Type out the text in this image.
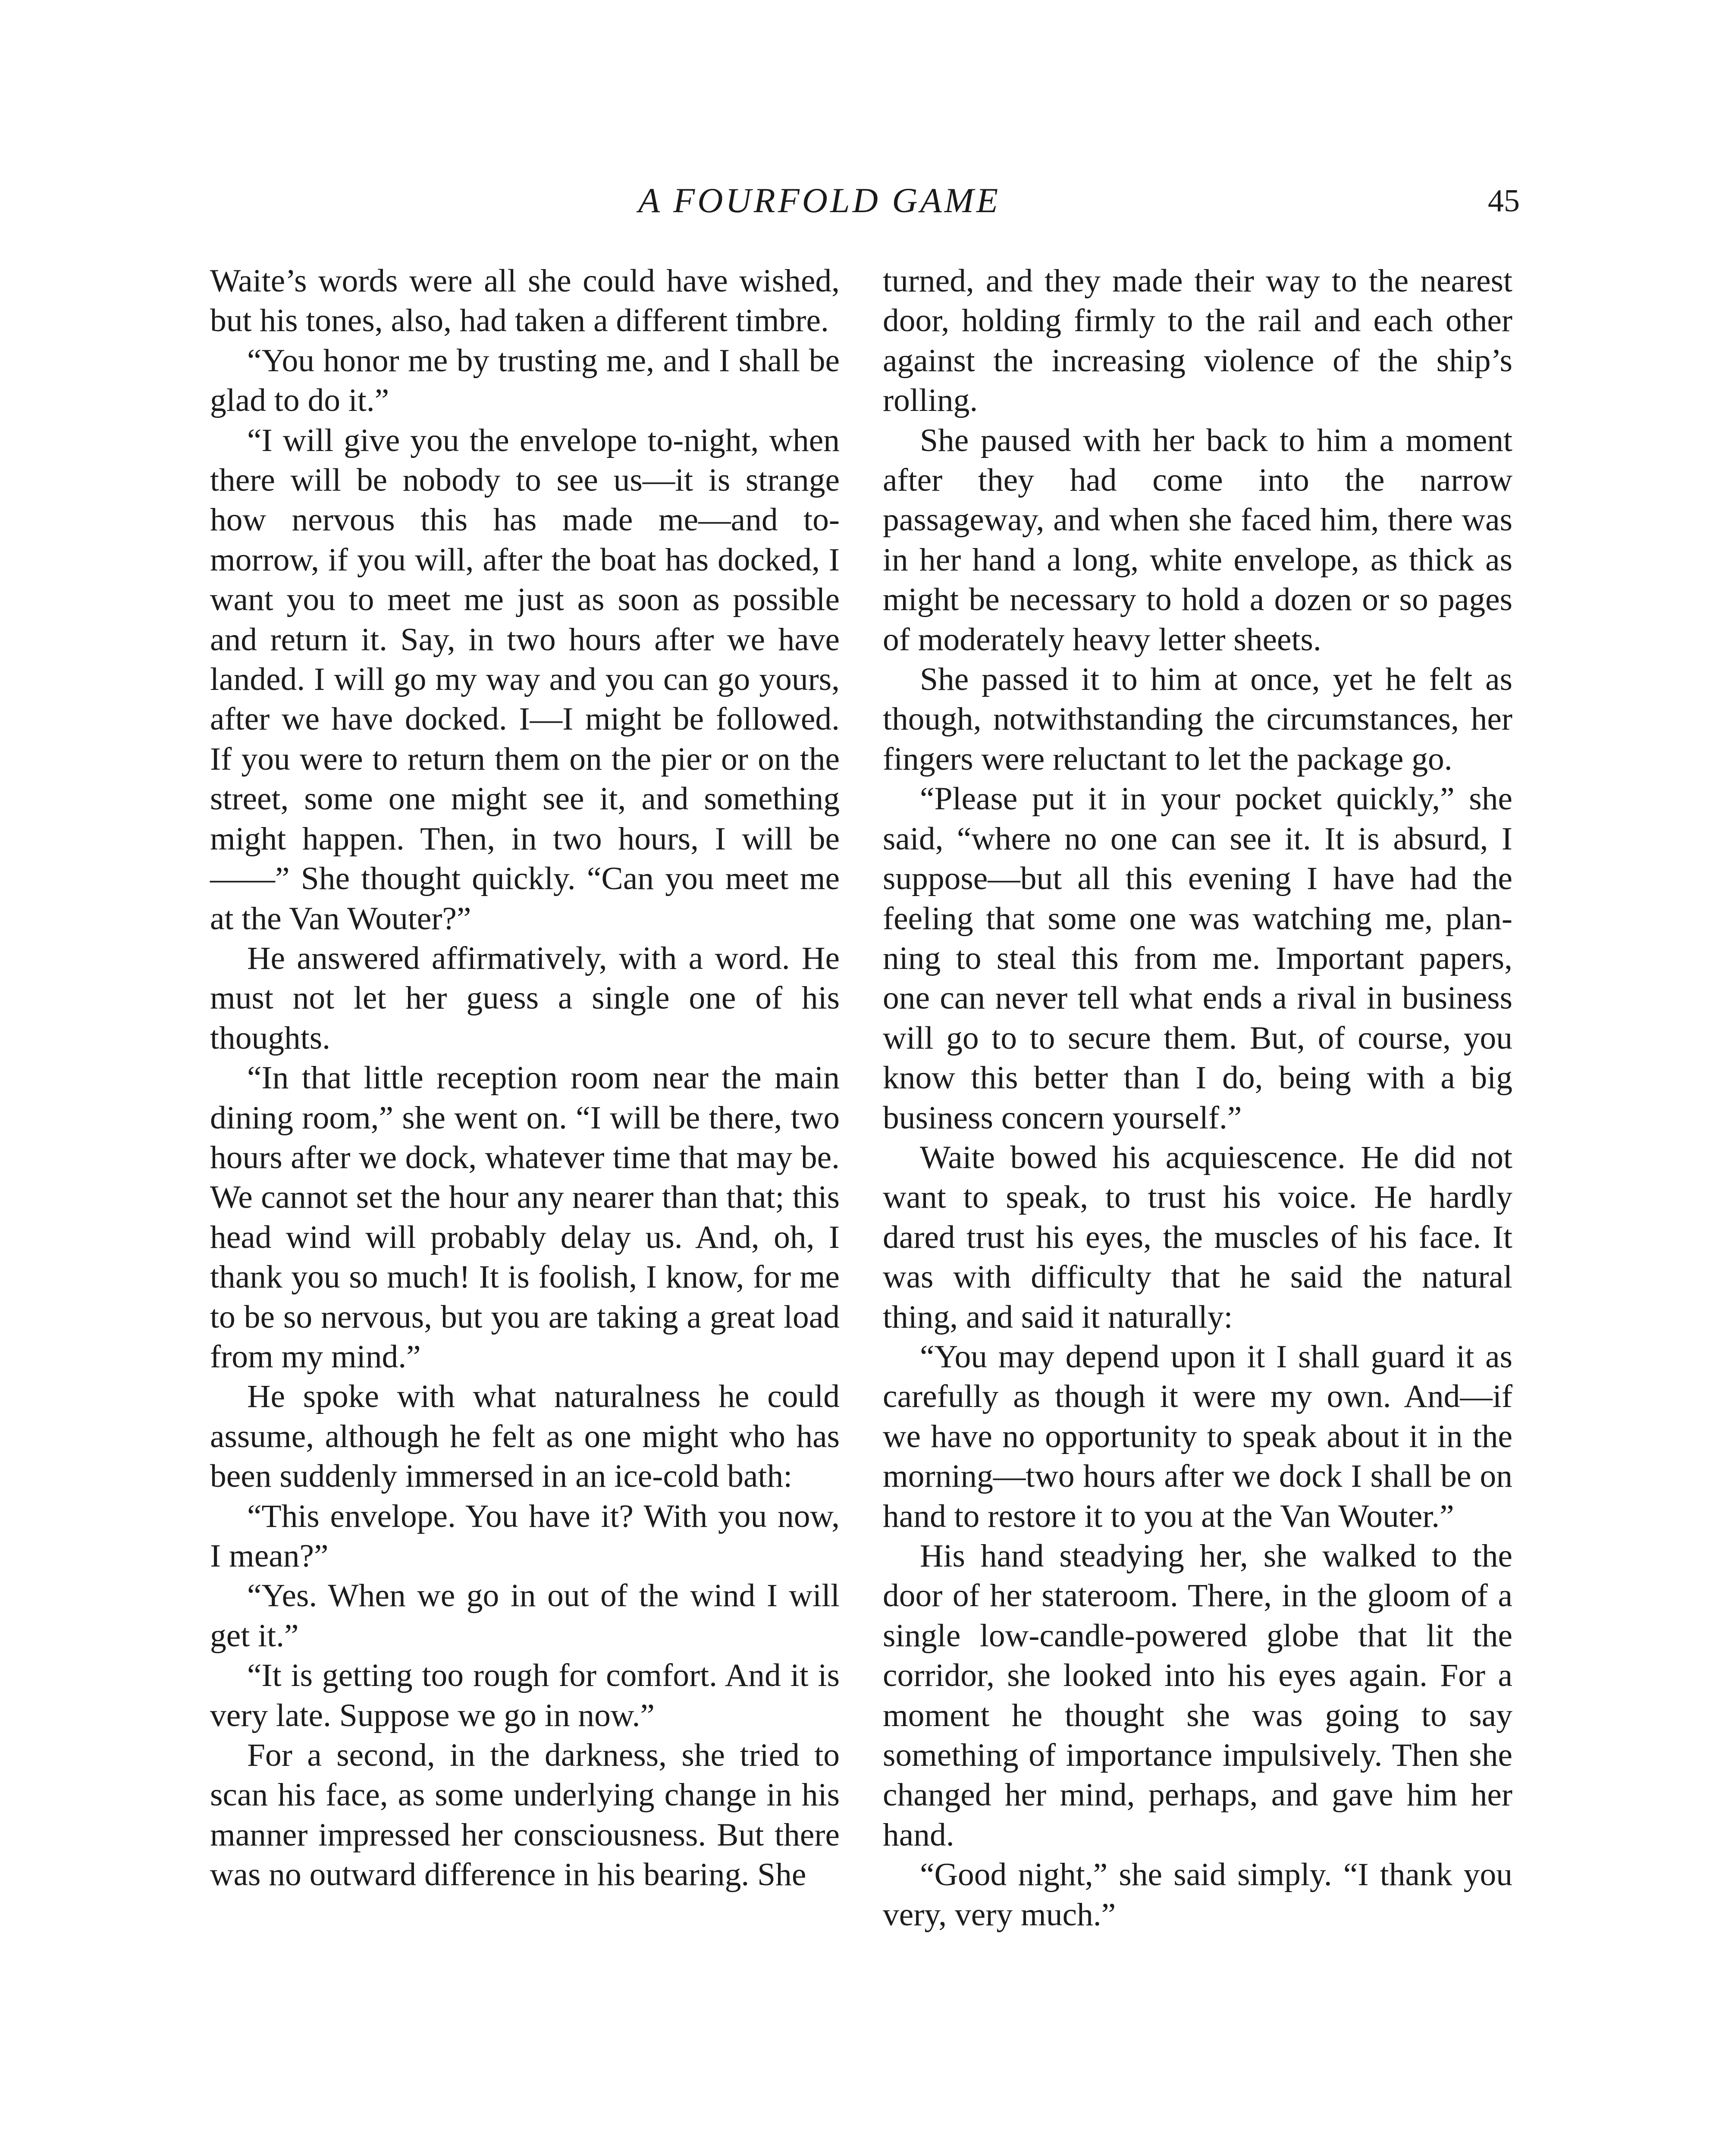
A FOURFOLD GAME	45

Waite’s words were all she could have wished, but his tones, also, had taken a different timbre.

“You honor me by trusting me, and I shall be glad to do it.”

“I will give you the envelope to-night, when there will be nobody to see us—it is strange how nervous this has made me—and to-morrow, if you will, after the boat has docked, I want you to meet me just as soon as possible and return it. Say, in two hours after we have landed. I will go my way and you can go yours, after we have docked. I—I might be followed. If you were to return them on the pier or on the street, some one might see it, and something might happen. Then, in two hours, I will be——” She thought quickly. “Can you meet me at the Van Wouter?”

He answered affirmatively, with a word. He must not let her guess a single one of his thoughts.

“In that little reception room near the main dining room,” she went on. “I will be there, two hours after we dock, whatever time that may be. We cannot set the hour any nearer than that; this head wind will probably delay us. And, oh, I thank you so much! It is foolish, I know, for me to be so nervous, but you are taking a great load from my mind.”

He spoke with what naturalness he could assume, although he felt as one might who has been suddenly immersed in an ice-cold bath:

“This envelope. You have it? With you now, I mean?”

“Yes. When we go in out of the wind I will get it.”

“It is getting too rough for comfort. And it is very late. Suppose we go in now.”

For a second, in the darkness, she tried to scan his face, as some underlying change in his manner impressed her consciousness. But there was no outward difference in his bearing. She

turned, and they made their way to the nearest door, holding firmly to the rail and each other against the increasing violence of the ship’s rolling.

She paused with her back to him a moment after they had come into the narrow passageway, and when she faced him, there was in her hand a long, white envelope, as thick as might be necessary to hold a dozen or so pages of moderately heavy letter sheets.

She passed it to him at once, yet he felt as though, notwithstanding the circumstances, her fingers were reluctant to let the package go.

“Please put it in your pocket quickly,” she said, “where no one can see it. It is absurd, I suppose—but all this evening I have had the feeling that some one was watching me, planning to steal this from me. Important papers, one can never tell what ends a rival in business will go to to secure them. But, of course, you know this better than I do, being with a big business concern yourself.”

Waite bowed his acquiescence. He did not want to speak, to trust his voice. He hardly dared trust his eyes, the muscles of his face. It was with difficulty that he said the natural thing, and said it naturally:

“You may depend upon it I shall guard it as carefully as though it were my own. And—if we have no opportunity to speak about it in the morning—two hours after we dock I shall be on hand to restore it to you at the Van Wouter.”

His hand steadying her, she walked to the door of her stateroom. There, in the gloom of a single low-candle-powered globe that lit the corridor, she looked into his eyes again. For a moment he thought she was going to say something of importance impulsively. Then she changed her mind, perhaps, and gave him her hand.

“Good night,” she said simply. “I thank you very, very much.”
